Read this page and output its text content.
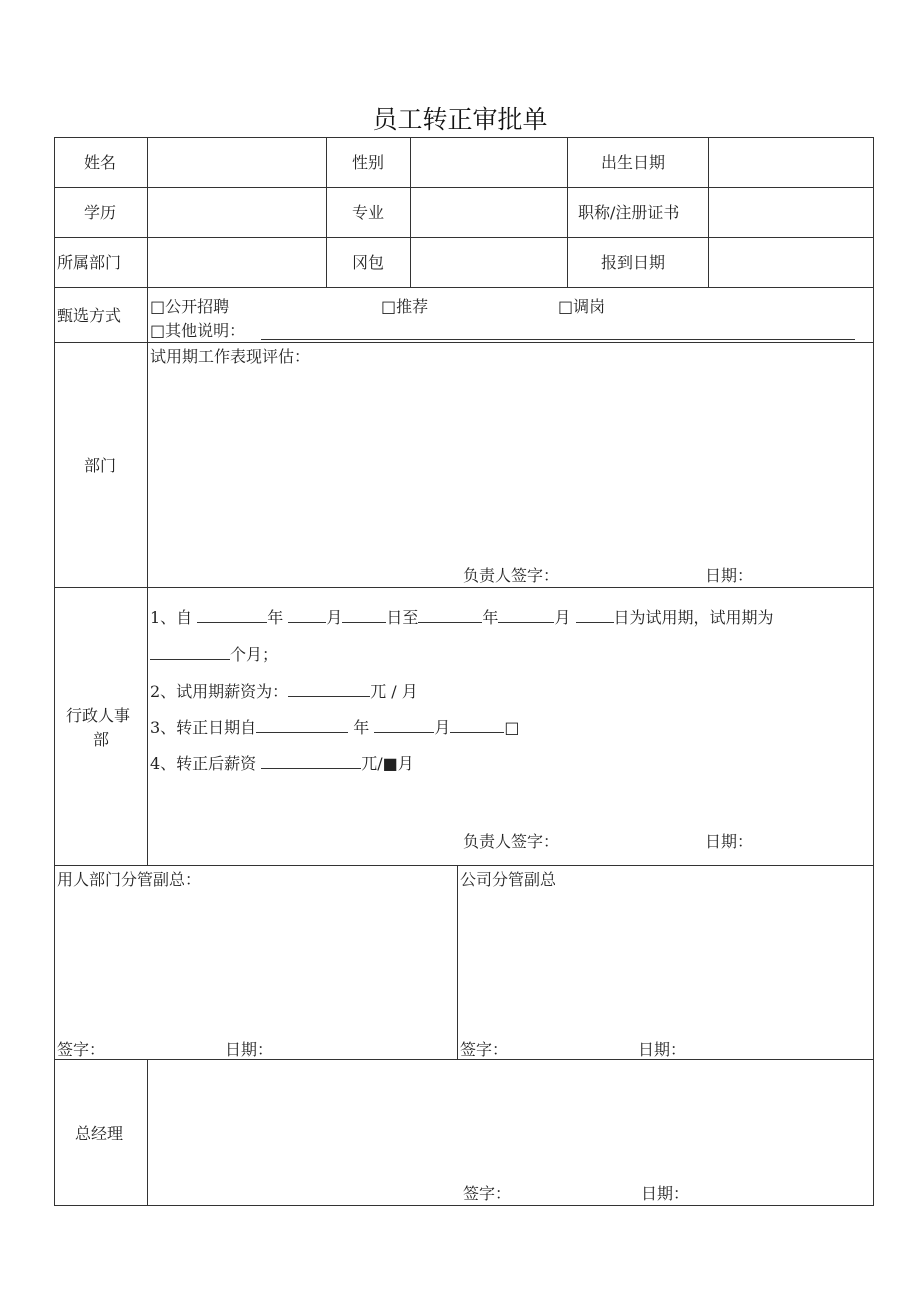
员工转正审批单
姓名	性别	出生日期
学历	专业	职称/注册证书
所属部门	冈包	报到日期
甄选方式 □公开招聘	□推荐	□调岗
□其他说明：
部门
试用期工作表现评估：
负责人签字：	日期：
行政人事
部
1、自	年	月	日至	年	月	日为试用期，试用期为
个月；
2、试用期薪资为：	兀 / 月
3、转正日期自	年	月	□
4、转正后薪资	兀/■月
负责人签字：	日期：
用人部门分管副总：	公司分管副总
签字：	日期：	签字：	日期：
总经理
签字：	日期：
